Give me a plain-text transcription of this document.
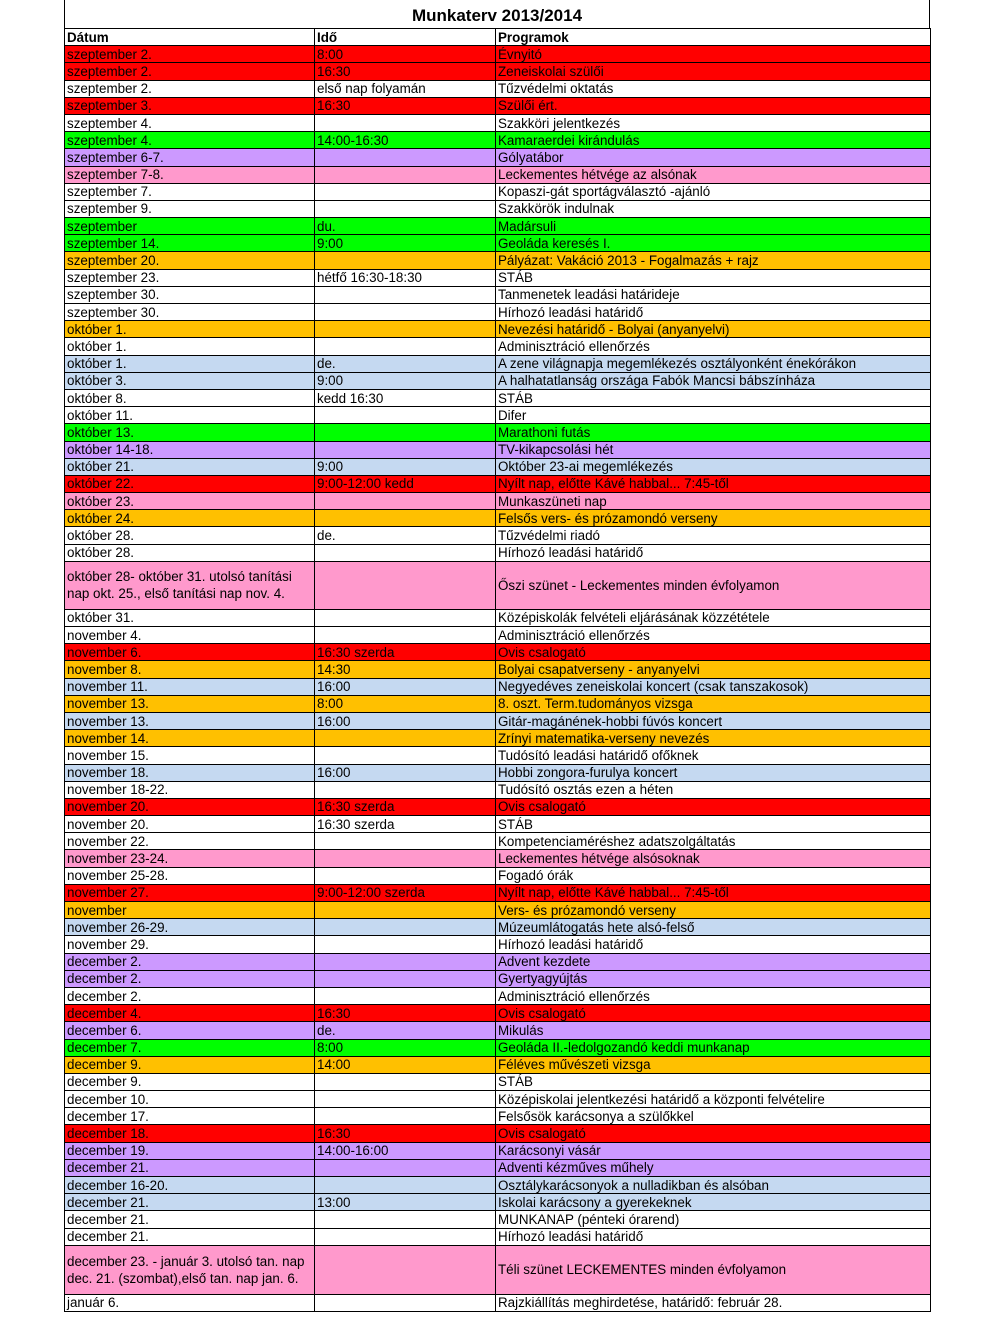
Munkaterv 2013/2014
Dátum	Idő	Programok
szeptember 2.	8:00	Évnyitó
szeptember 2.	16:30	Zeneiskolai szülői
szeptember 2.	első nap folyamán	Tűzvédelmi oktatás
szeptember 3.	16:30	Szülői ért.
szeptember 4.		Szakköri jelentkezés
szeptember 4.	14:00-16:30	Kamaraerdei kirándulás
szeptember 6-7.		Gólyatábor
szeptember 7-8.		Leckementes hétvége az alsónak
szeptember 7.		Kopaszi-gát sportágválasztó -ajánló
szeptember 9.		Szakkörök indulnak
szeptember	du.	Madársuli
szeptember 14.	9:00	Geoláda keresés I.
szeptember 20.		Pályázat: Vakáció 2013 - Fogalmazás + rajz
szeptember 23.	hétfő 16:30-18:30	STÁB
szeptember 30.		Tanmenetek leadási határideje
szeptember 30.		Hírhozó leadási határidő
október 1.		Nevezési határidő - Bolyai (anyanyelvi)
október 1.		Adminisztráció ellenőrzés
október 1.	de.	A zene világnapja megemlékezés osztályonként énekórákon
október 3.	9:00	A halhatatlanság országa Fabók Mancsi bábszínháza
október 8.	kedd 16:30	STÁB
október 11.		Difer
október 13.		Marathoni futás
október 14-18.		TV-kikapcsolási hét
október 21.	9:00	Október 23-ai megemlékezés
október 22.	9:00-12:00 kedd	Nyílt nap, előtte Kávé habbal... 7:45-től
október 23.		Munkaszüneti nap
október 24.		Felsős vers- és prózamondó verseny
október 28.	de.	Tűzvédelmi riadó
október 28.		Hírhozó leadási határidő
október 28- október 31. utolsó tanítási nap okt. 25., első tanítási nap nov. 4.		Őszi szünet - Leckementes minden évfolyamon
október 31.		Középiskolák felvételi eljárásának közzététele
november 4.		Adminisztráció ellenőrzés
november 6.	16:30 szerda	Ovis csalogató
november 8.	14:30	Bolyai csapatverseny - anyanyelvi
november 11.	16:00	Negyedéves zeneiskolai koncert (csak tanszakosok)
november 13.	8:00	8. oszt. Term.tudományos vizsga
november 13.	16:00	Gitár-magánének-hobbi fúvós koncert
november 14.		Zrínyi matematika-verseny nevezés
november 15.		Tudósító leadási határidő ofőknek
november 18.	16:00	Hobbi zongora-furulya koncert
november 18-22.		Tudósító osztás ezen a héten
november 20.	16:30 szerda	Ovis csalogató
november 20.	16:30 szerda	STÁB
november 22.		Kompetenciaméréshez adatszolgáltatás
november 23-24.		Leckementes hétvége alsósoknak
november 25-28.		Fogadó órák
november 27.	9:00-12:00 szerda	Nyílt nap, előtte Kávé habbal... 7:45-től
november		Vers- és prózamondó verseny
november 26-29.		Múzeumlátogatás hete alsó-felső
november 29.		Hírhozó leadási határidő
december 2.		Advent kezdete
december 2.		Gyertyagyújtás
december 2.		Adminisztráció ellenőrzés
december 4.	16:30	Ovis csalogató
december 6.	de.	Mikulás
december 7.	8:00	Geoláda II.-ledolgozandó keddi munkanap
december 9.	14:00	Féléves művészeti vizsga
december 9.		STÁB
december 10.		Középiskolai jelentkezési határidő a központi felvételire
december 17.		Felsősök karácsonya a szülőkkel
december 18.	16:30	Ovis csalogató
december 19.	14:00-16:00	Karácsonyi vásár
december 21.		Adventi kézműves műhely
december 16-20.		Osztálykarácsonyok a nulladikban és alsóban
december 21.	13:00	Iskolai karácsony a gyerekeknek
december 21.		MUNKANAP (pénteki órarend)
december 21.		Hírhozó leadási határidő
december 23. - január 3. utolsó tan. nap dec. 21. (szombat),első tan. nap jan. 6.		Téli szünet LECKEMENTES minden évfolyamon
január 6.		Rajzkiállítás meghirdetése, határidő: február 28.
